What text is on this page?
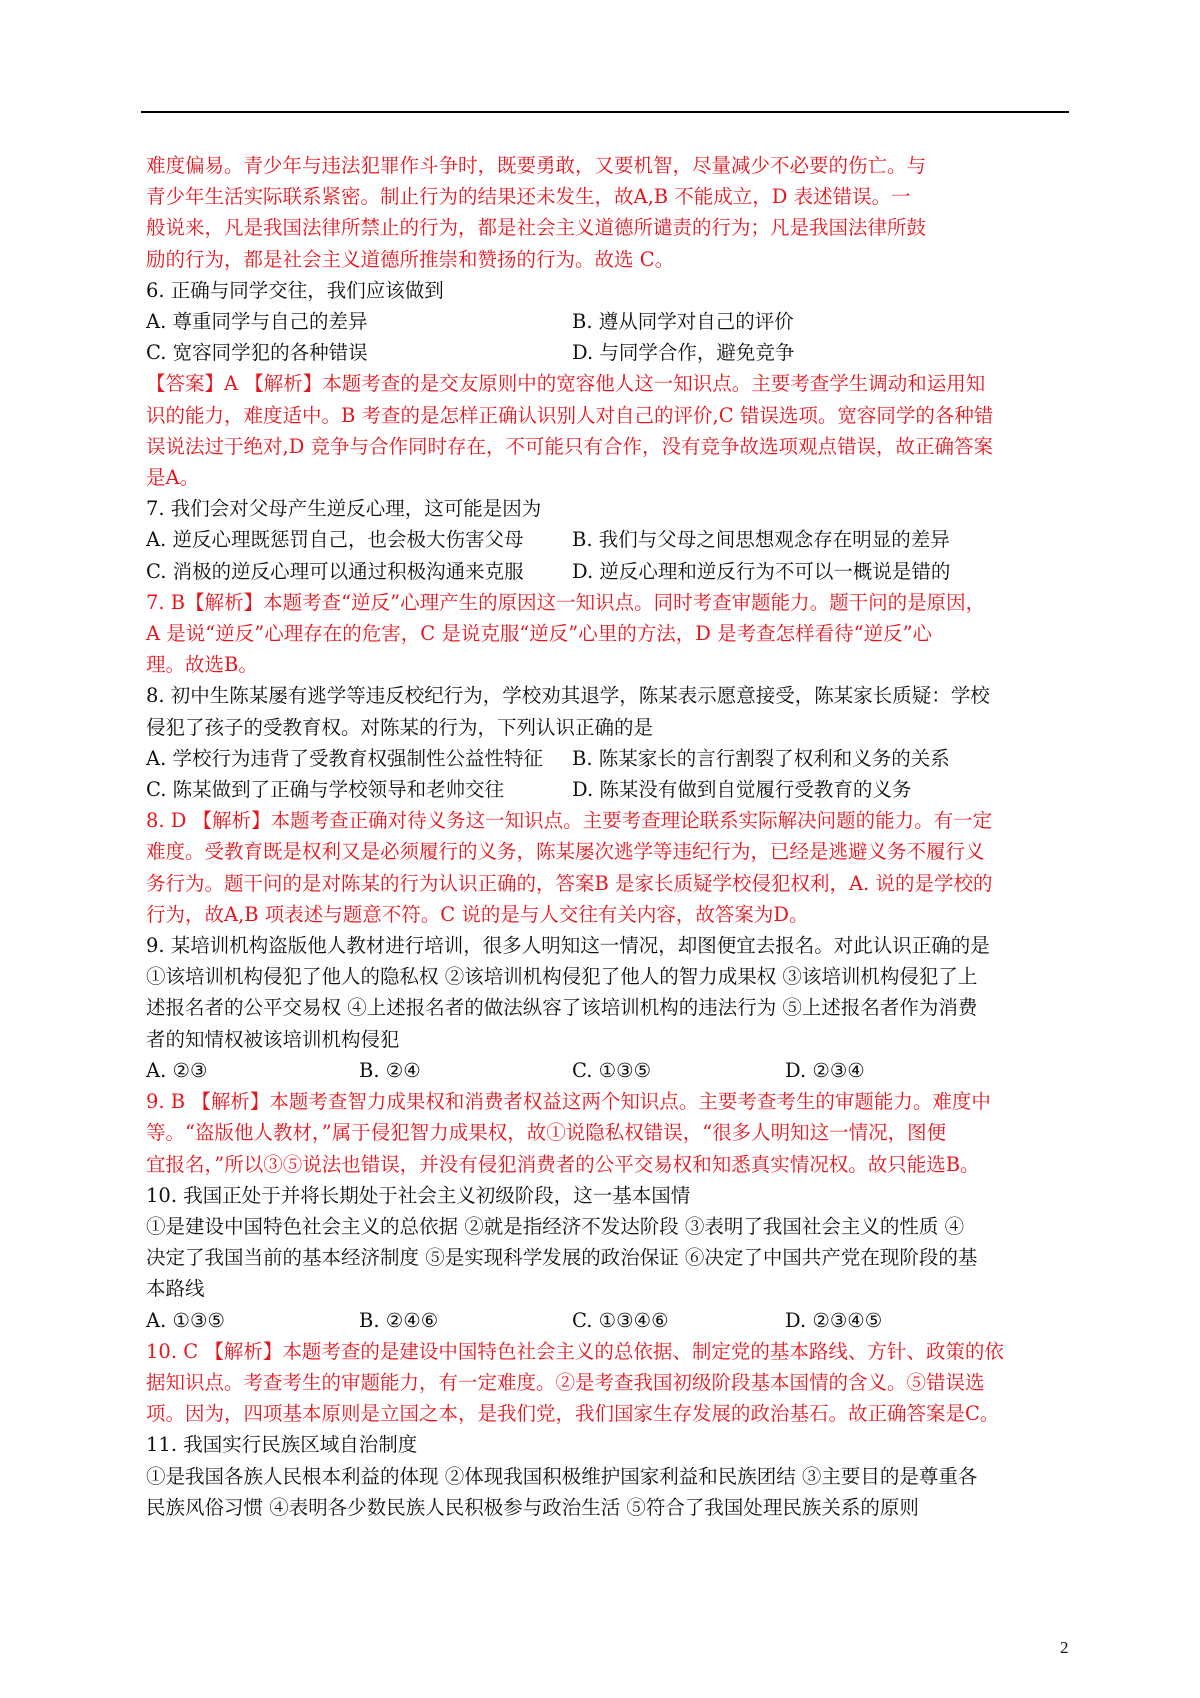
难度偏易。青少年与违法犯罪作斗争时，既要勇敢，又要机智，尽量减少不必要的伤亡。与
青少年生活实际联系紧密。制止行为的结果还未发生，故A,B 不能成立，D 表述错误。一
般说来，凡是我国法律所禁止的行为，都是社会主义道德所谴责的行为；凡是我国法律所鼓
励的行为，都是社会主义道德所推崇和赞扬的行为。故选 C。
6. 正确与同学交往，我们应该做到
A. 尊重同学与自己的差异	B. 遵从同学对自己的评价
C. 宽容同学犯的各种错误	D. 与同学合作，避免竞争
【答案】A 【解析】本题考查的是交友原则中的宽容他人这一知识点。主要考查学生调动和运用知
识的能力，难度适中。B 考查的是怎样正确认识别人对自己的评价,C 错误选项。宽容同学的各种错
误说法过于绝对,D 竞争与合作同时存在，不可能只有合作，没有竞争故选项观点错误，故正确答案
是A。
7. 我们会对父母产生逆反心理，这可能是因为
A. 逆反心理既惩罚自己，也会极大伤害父母	B. 我们与父母之间思想观念存在明显的差异
C. 消极的逆反心理可以通过积极沟通来克服	D. 逆反心理和逆反行为不可以一概说是错的
7. B【解析】本题考查“逆反”心理产生的原因这一知识点。同时考查审题能力。题干问的是原因，
A 是说“逆反”心理存在的危害，C 是说克服“逆反”心里的方法，D 是考查怎样看待“逆反”心
理。故选B。
8. 初中生陈某屡有逃学等违反校纪行为，学校劝其退学，陈某表示愿意接受，陈某家长质疑：学校
侵犯了孩子的受教育权。对陈某的行为，下列认识正确的是
A. 学校行为违背了受教育权强制性公益性特征	B. 陈某家长的言行割裂了权利和义务的关系
C. 陈某做到了正确与学校领导和老帅交往	D. 陈某没有做到自觉履行受教育的义务
8. D 【解析】本题考查正确对待义务这一知识点。主要考查理论联系实际解决问题的能力。有一定
难度。受教育既是权利又是必须履行的义务，陈某屡次逃学等违纪行为，已经是逃避义务不履行义
务行为。题干问的是对陈某的行为认识正确的，答案B 是家长质疑学校侵犯权利，A. 说的是学校的
行为，故A,B 项表述与题意不符。C 说的是与人交往有关内容，故答案为D。
9. 某培训机构盗版他人教材进行培训，很多人明知这一情况，却图便宜去报名。对此认识正确的是
①该培训机构侵犯了他人的隐私权 ②该培训机构侵犯了他人的智力成果权 ③该培训机构侵犯了上
述报名者的公平交易权 ④上述报名者的做法纵容了该培训机构的违法行为 ⑤上述报名者作为消费
者的知情权被该培训机构侵犯
A. ②③	B. ②④	C. ①③⑤	D. ②③④
9. B 【解析】本题考查智力成果权和消费者权益这两个知识点。主要考查考生的审题能力。难度中
等。“盗版他人教材，”属于侵犯智力成果权，故①说隐私权错误，“很多人明知这一情况，图便
宜报名，”所以③⑤说法也错误，并没有侵犯消费者的公平交易权和知悉真实情况权。故只能选B。
10. 我国正处于并将长期处于社会主义初级阶段，这一基本国情
①是建设中国特色社会主义的总依据 ②就是指经济不发达阶段 ③表明了我国社会主义的性质 ④
决定了我国当前的基本经济制度 ⑤是实现科学发展的政治保证 ⑥决定了中国共产党在现阶段的基
本路线
A. ①③⑤	B. ②④⑥	C. ①③④⑥	D. ②③④⑤
10. C 【解析】本题考查的是建设中国特色社会主义的总依据、制定党的基本路线、方针、政策的依
据知识点。考查考生的审题能力，有一定难度。②是考查我国初级阶段基本国情的含义。⑤错误选
项。因为，四项基本原则是立国之本，是我们党，我们国家生存发展的政治基石。故正确答案是C。
11. 我国实行民族区域自治制度
①是我国各族人民根本利益的体现 ②体现我国积极维护国家利益和民族团结 ③主要目的是尊重各
民族风俗习惯 ④表明各少数民族人民积极参与政治生活 ⑤符合了我国处理民族关系的原则
2
